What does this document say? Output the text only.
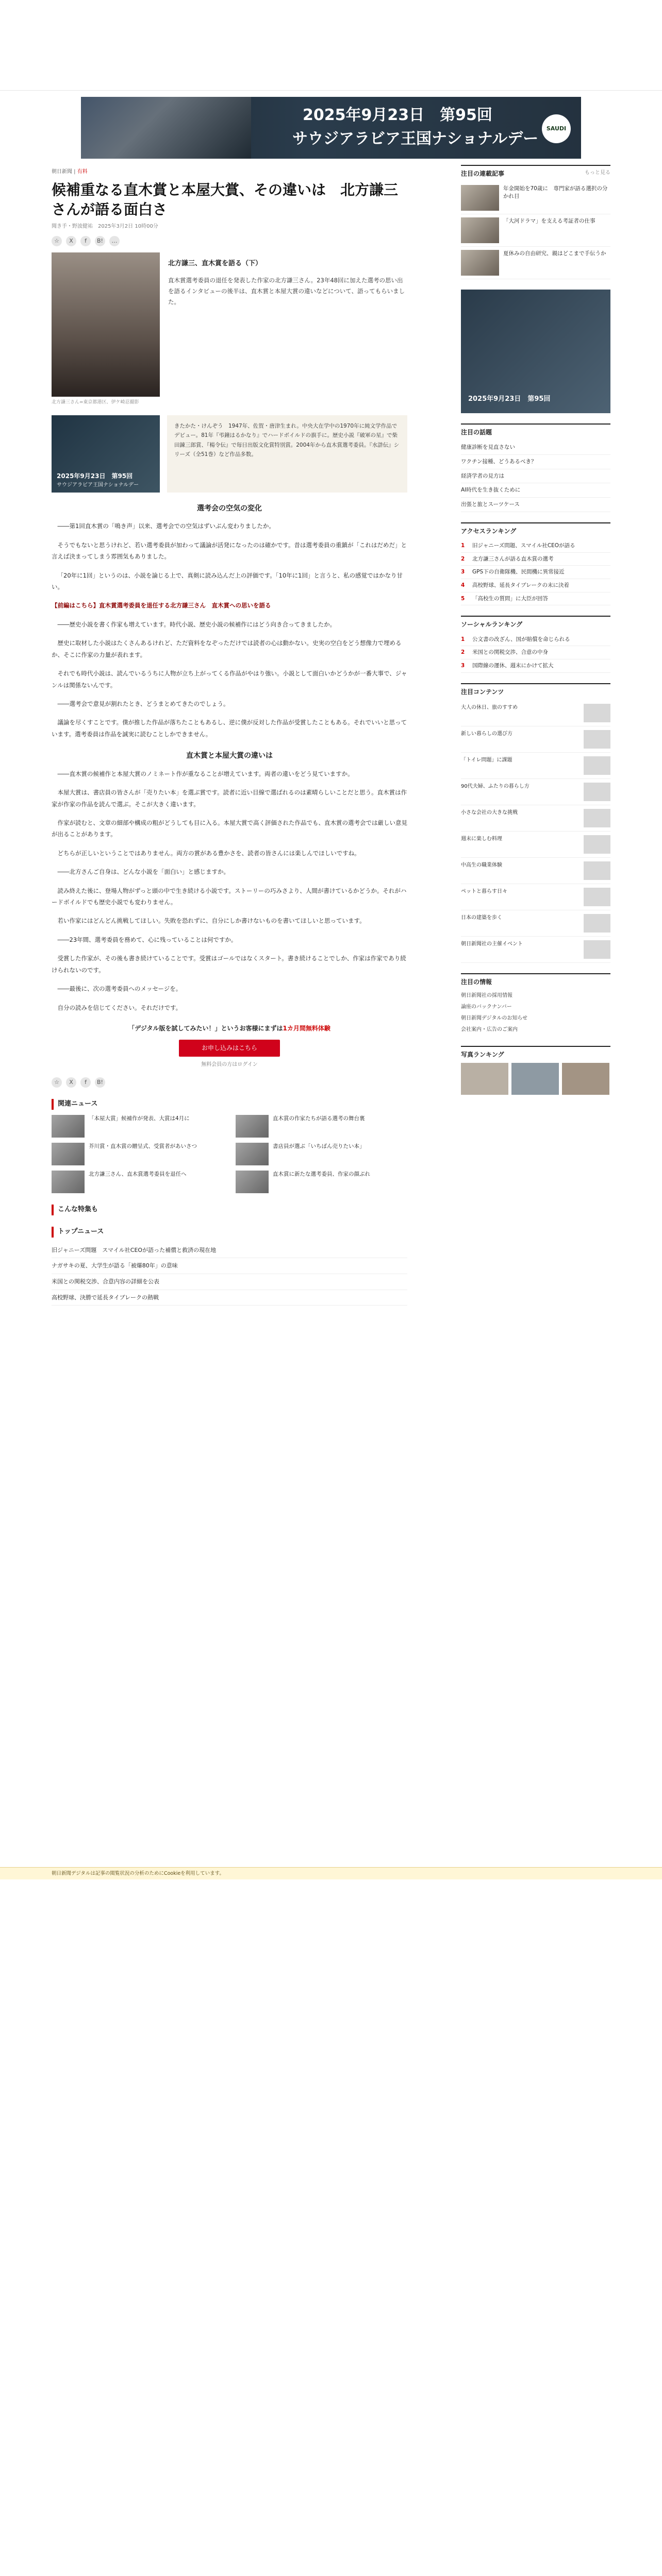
2025年9月23日　第95回
サウジアラビア王国ナショナルデー
SAUDI
朝日新聞 | 有料
候補重なる直木賞と本屋大賞、その違いは　北方謙三さんが語る面白さ
聞き手・野波健祐　2025年3月2日 10時00分
☆	X	f	B!	…
北方謙三さん=東京都港区、伊ケ崎忍撮影
北方謙三、直木賞を語る（下）
直木賞選考委員の退任を発表した作家の北方謙三さん。23年48回に加えた選考の思い出を語るインタビューの後半は、直木賞と本屋大賞の違いなどについて、語ってもらいました。
2025年9月23日　第95回
サウジアラビア王国ナショナルデー
きたかた・けんぞう　1947年、佐賀・唐津生まれ。中央大在学中の1970年に純文学作品でデビュー。81年『弔鐘はるかなり』でハードボイルドの旗手に。歴史小説『破軍の星』で柴田錬三郎賞、『楊令伝』で毎日出版文化賞特別賞。2004年から直木賞選考委員。『水滸伝』シリーズ（全51巻）など作品多数。
選考会の空気の変化

――第1回直木賞の「鳴き声」以来、選考会での空気はずいぶん変わりましたか。

そうでもないと思うけれど、若い選考委員が加わって議論が活発になったのは確かです。昔は選考委員の重鎮が「これはだめだ」と言えば決まってしまう雰囲気もありました。

「20年に1回」というのは、小説を論じる上で、真剣に読み込んだ上の評価です。「10年に1回」と言うと、私の感覚ではかなり甘い。

【前編はこちら】直木賞選考委員を退任する北方謙三さん　直木賞への思いを語る

――歴史小説を書く作家も増えています。時代小説、歴史小説の候補作にはどう向き合ってきましたか。

歴史に取材した小説はたくさんあるけれど、ただ資料をなぞっただけでは読者の心は動かない。史実の空白をどう想像力で埋めるか、そこに作家の力量が表れます。

それでも時代小説は、読んでいるうちに人物が立ち上がってくる作品がやはり強い。小説として面白いかどうかが一番大事で、ジャンルは関係ないんです。

――選考会で意見が割れたとき、どうまとめてきたのでしょう。

議論を尽くすことです。僕が推した作品が落ちたこともあるし、逆に僕が反対した作品が受賞したこともある。それでいいと思っています。選考委員は作品を誠実に読むことしかできません。

直木賞と本屋大賞の違いは

――直木賞の候補作と本屋大賞のノミネート作が重なることが増えています。両者の違いをどう見ていますか。

本屋大賞は、書店員の皆さんが「売りたい本」を選ぶ賞です。読者に近い目線で選ばれるのは素晴らしいことだと思う。直木賞は作家が作家の作品を読んで選ぶ。そこが大きく違います。

作家が読むと、文章の細部や構成の粗がどうしても目に入る。本屋大賞で高く評価された作品でも、直木賞の選考会では厳しい意見が出ることがあります。

どちらが正しいということではありません。両方の賞がある豊かさを、読者の皆さんには楽しんでほしいですね。

――北方さんご自身は、どんな小説を「面白い」と感じますか。

読み終えた後に、登場人物がずっと頭の中で生き続ける小説です。ストーリーの巧みさより、人間が書けているかどうか。それがハードボイルドでも歴史小説でも変わりません。

若い作家にはどんどん挑戦してほしい。失敗を恐れずに、自分にしか書けないものを書いてほしいと思っています。

――23年間、選考委員を務めて、心に残っていることは何ですか。

受賞した作家が、その後も書き続けていることです。受賞はゴールではなくスタート。書き続けることでしか、作家は作家であり続けられないのです。

――最後に、次の選考委員へのメッセージを。

自分の読みを信じてください。それだけです。

「デジタル版を試してみたい！」というお客様にまずは1カ月間無料体験
お申し込みはこちら
無料会員の方はログイン
☆	X	f	B!
関連ニュース
「本屋大賞」候補作が発表、大賞は4月に	直木賞の作家たちが語る選考の舞台裏
芥川賞・直木賞の贈呈式、受賞者があいさつ	書店員が選ぶ「いちばん売りたい本」
北方謙三さん、直木賞選考委員を退任へ	直木賞に新たな選考委員、作家の顔ぶれ
こんな特集も
トップニュース
旧ジャニーズ問題　スマイル社CEOが語った補償と救済の現在地
ナガサキの夏、大学生が語る「被爆80年」の意味
米国との関税交渉、合意内容の詳細を公表
高校野球、決勝で延長タイブレークの熱戦
注目の連載記事	もっと見る
年金開始を70歳に　専門家が語る選択の分かれ目
「大河ドラマ」を支える考証者の仕事
夏休みの自由研究、親はどこまで手伝うか
2025年9月23日　第95回
注目の話題
健康診断を見直さない
ワクチン接種、どうあるべき？
経済学者の見方は
AI時代を生き抜くために
出張と旅とスーツケース
アクセスランキング
1	旧ジャニーズ問題、スマイル社CEOが語る
2	北方謙三さんが語る直木賞の選考
3	GPS下の自衛隊機、民間機に異常接近
4	高校野球、延長タイブレークの末に決着
5	「高校生の質問」に大臣が回答
ソーシャルランキング
1	公文書の改ざん、国が賠償を命じられる
2	米国との関税交渉、合意の中身
3	国際線の運休、週末にかけて拡大
注目コンテンツ
大人の休日、旅のすすめ
新しい暮らしの選び方
「トイレ問題」に課題
90代夫婦、ふたりの暮らし方
小さな会社の大きな挑戦
週末に楽しむ料理
中高生の職業体験
ペットと暮らす日々
日本の建築を歩く
朝日新聞社の主催イベント
注目の情報
朝日新聞社の採用情報
論座のバックナンバー
朝日新聞デジタルのお知らせ
会社案内・広告のご案内
写真ランキング
朝日新聞デジタルは記事の閲覧状況の分析のためにCookieを利用しています。
